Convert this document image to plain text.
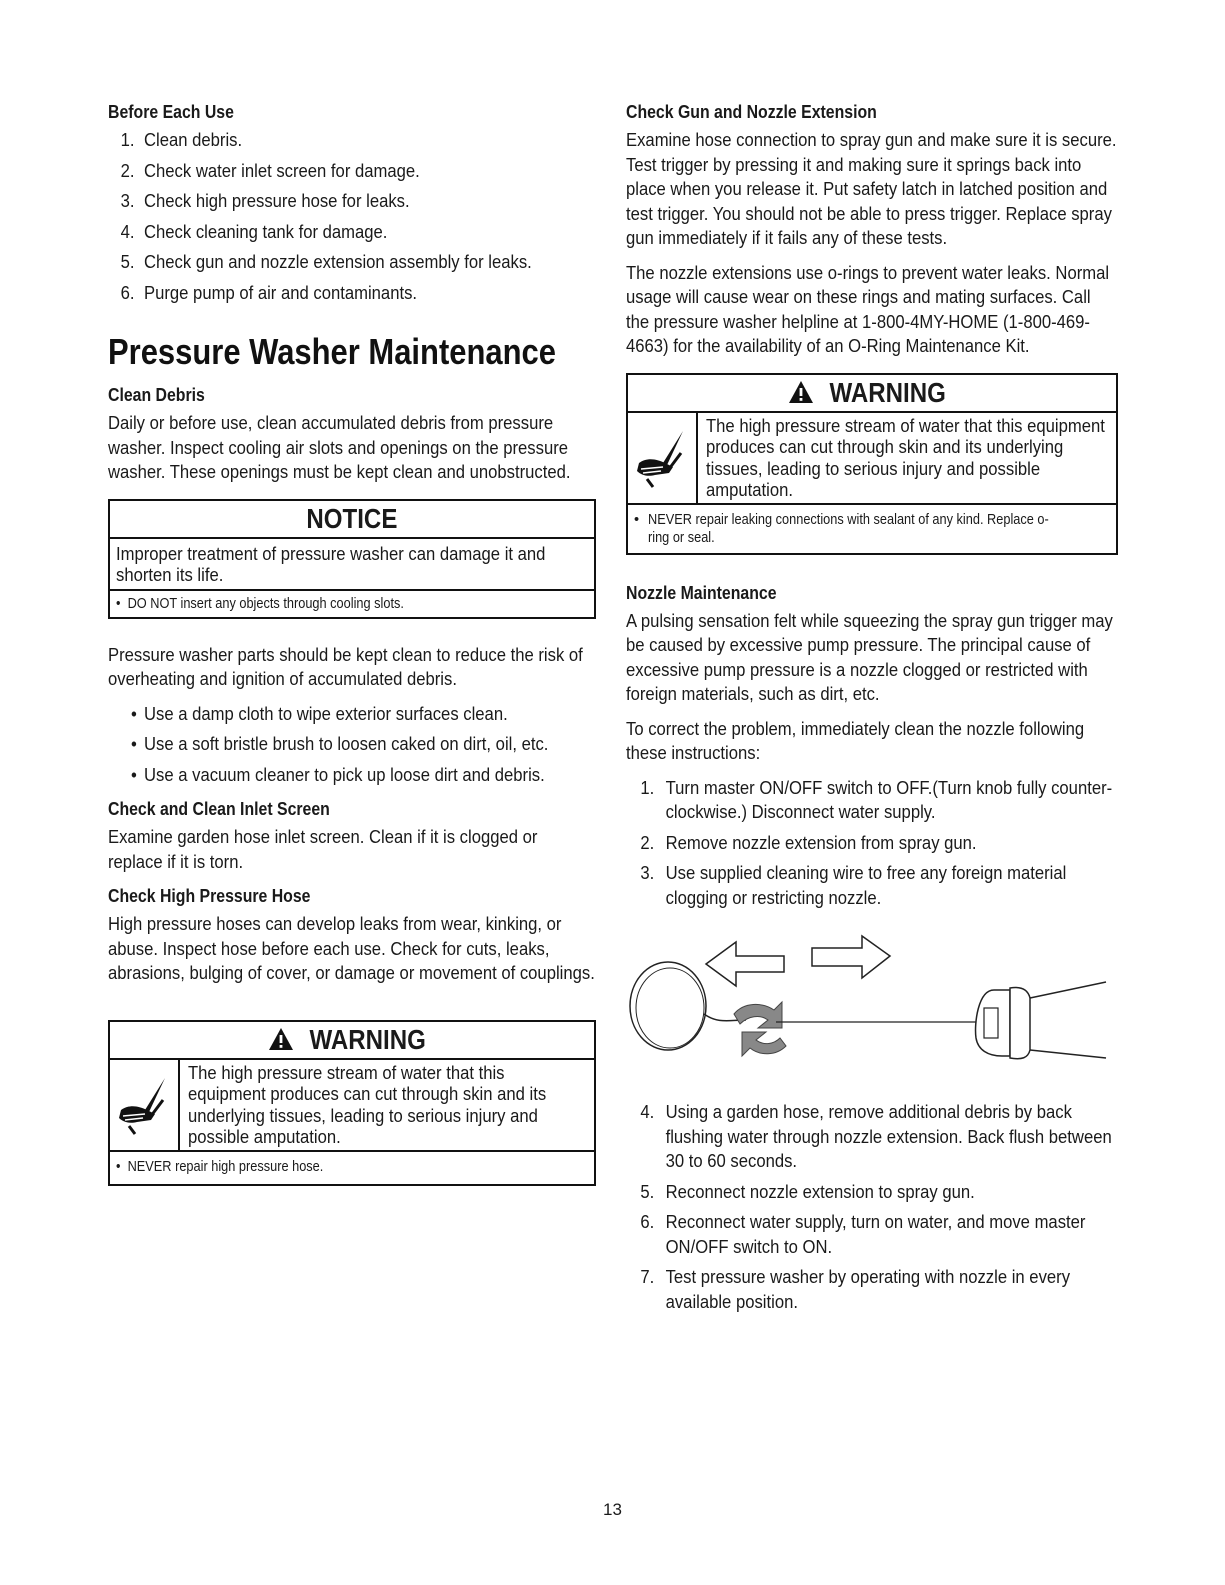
Before Each Use
1. Clean debris.
2. Check water inlet screen for damage.
3. Check high pressure hose for leaks.
4. Check cleaning tank for damage.
5. Check gun and nozzle extension assembly for leaks.
6. Purge pump of air and contaminants.
Pressure Washer Maintenance
Clean Debris
Daily or before use, clean accumulated debris from pressure washer. Inspect cooling air slots and openings on the pressure washer. These openings must be kept clean and unobstructed.
NOTICE
Improper treatment of pressure washer can damage it and shorten its life.
• DO NOT insert any objects through cooling slots.
Pressure washer parts should be kept clean to reduce the risk of overheating and ignition of accumulated debris.
• Use a damp cloth to wipe exterior surfaces clean.
• Use a soft bristle brush to loosen caked on dirt, oil, etc.
• Use a vacuum cleaner to pick up loose dirt and debris.
Check and Clean Inlet Screen
Examine garden hose inlet screen. Clean if it is clogged or replace if it is torn.
Check High Pressure Hose
High pressure hoses can develop leaks from wear, kinking, or abuse. Inspect hose before each use. Check for cuts, leaks, abrasions, bulging of cover, or damage or movement of couplings.
WARNING
The high pressure stream of water that this equipment produces can cut through skin and its underlying tissues, leading to serious injury and possible amputation.
• NEVER repair high pressure hose.
Check Gun and Nozzle Extension
Examine hose connection to spray gun and make sure it is secure. Test trigger by pressing it and making sure it springs back into place when you release it. Put safety latch in latched position and test trigger. You should not be able to press trigger. Replace spray gun immediately if it fails any of these tests.
The nozzle extensions use o-rings to prevent water leaks. Normal usage will cause wear on these rings and mating surfaces. Call the pressure washer helpline at 1-800-4MY-HOME (1-800-469-4663) for the availability of an O-Ring Maintenance Kit.
WARNING
The high pressure stream of water that this equipment produces can cut through skin and its underlying tissues, leading to serious injury and possible amputation.
• NEVER repair leaking connections with sealant of any kind. Replace o-ring or seal.
Nozzle Maintenance
A pulsing sensation felt while squeezing the spray gun trigger may be caused by excessive pump pressure. The principal cause of excessive pump pressure is a nozzle clogged or restricted with foreign materials, such as dirt, etc.
To correct the problem, immediately clean the nozzle following these instructions:
1. Turn master ON/OFF switch to OFF.(Turn knob fully counter-clockwise.) Disconnect water supply.
2. Remove nozzle extension from spray gun.
3. Use supplied cleaning wire to free any foreign material clogging or restricting nozzle.
4. Using a garden hose, remove additional debris by back flushing water through nozzle extension. Back flush between 30 to 60 seconds.
5. Reconnect nozzle extension to spray gun.
6. Reconnect water supply, turn on water, and move master ON/OFF switch to ON.
7. Test pressure washer by operating with nozzle in every available position.
13
